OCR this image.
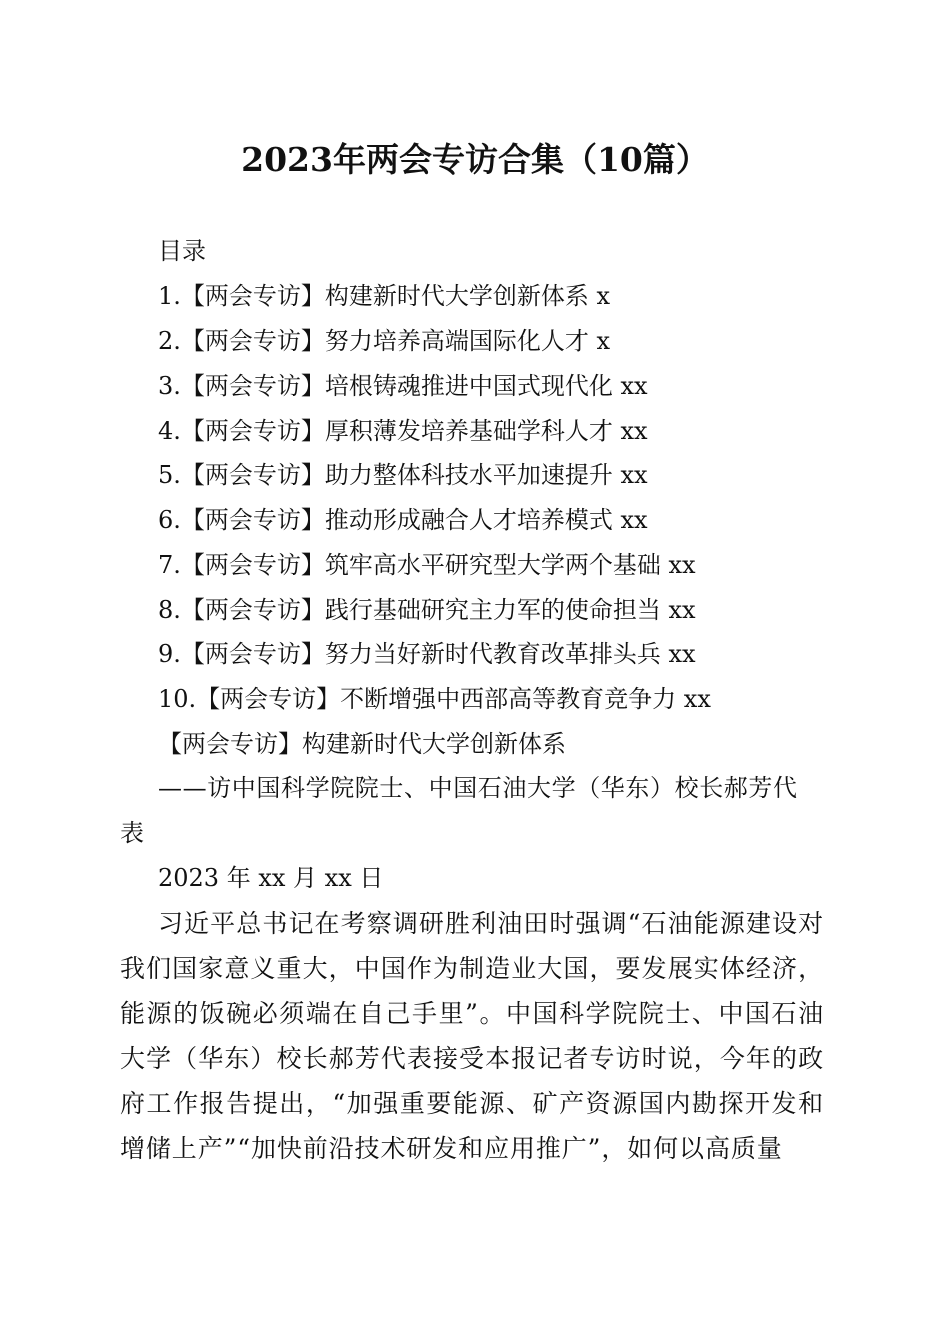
2023年两会专访合集（10篇）
目录
1.【两会专访】构建新时代大学创新体系 x
2.【两会专访】努力培养高端国际化人才 x
3.【两会专访】培根铸魂推进中国式现代化 xx
4.【两会专访】厚积薄发培养基础学科人才 xx
5.【两会专访】助力整体科技水平加速提升 xx
6.【两会专访】推动形成融合人才培养模式 xx
7.【两会专访】筑牢高水平研究型大学两个基础 xx
8.【两会专访】践行基础研究主力军的使命担当 xx
9.【两会专访】努力当好新时代教育改革排头兵 xx
10.【两会专访】不断增强中西部高等教育竞争力 xx
【两会专访】构建新时代大学创新体系
——访中国科学院院士、中国石油大学（华东）校长郝芳代
表
2023 年 xx 月 xx 日
习近平总书记在考察调研胜利油田时强调“石油能源建设对我们国家意义重大，中国作为制造业大国，要发展实体经济，能源的饭碗必须端在自己手里”。中国科学院院士、中国石油大学（华东）校长郝芳代表接受本报记者专访时说，今年的政府工作报告提出，“加强重要能源、矿产资源国内勘探开发和增储上产”“加快前沿技术研发和应用推广”，如何以高质量
